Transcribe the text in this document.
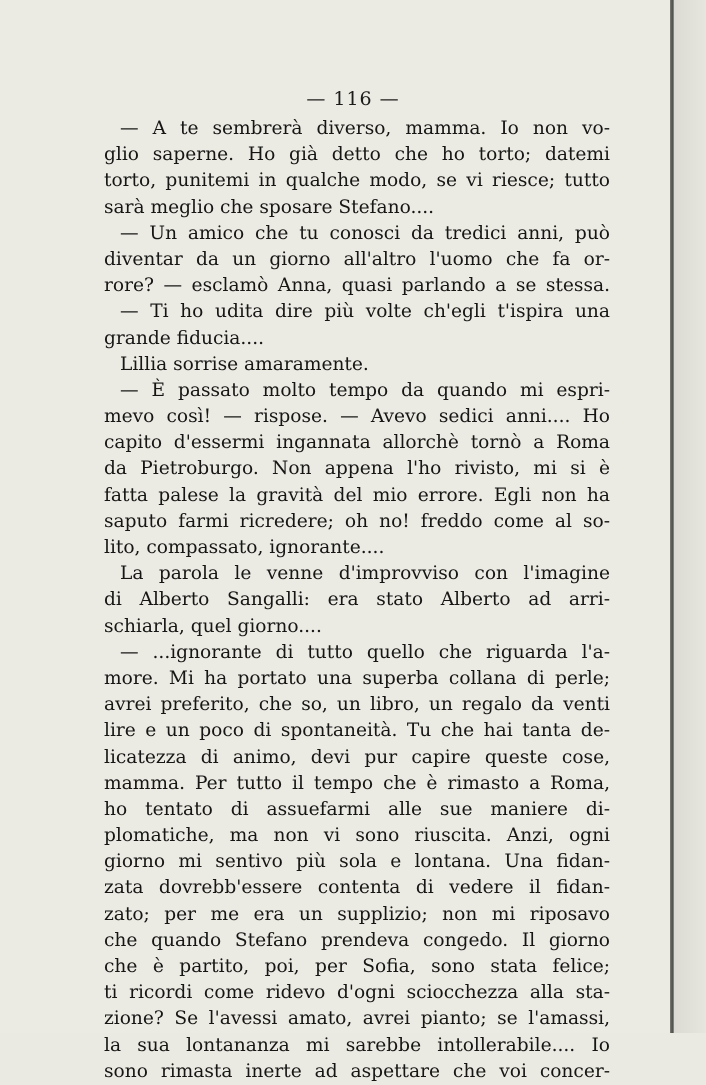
— 116 —
— A te sembrerà diverso, mamma. Io non vo-
glio saperne. Ho già detto che ho torto; datemi
torto, punitemi in qualche modo, se vi riesce; tutto
sarà meglio che sposare Stefano....
— Un amico che tu conosci da tredici anni, può
diventar da un giorno all'altro l'uomo che fa or-
rore? — esclamò Anna, quasi parlando a se stessa.
— Ti ho udita dire più volte ch'egli t'ispira una
grande fiducia....
Lillia sorrise amaramente.
— È passato molto tempo da quando mi espri-
mevo così! — rispose. — Avevo sedici anni.... Ho
capito d'essermi ingannata allorchè tornò a Roma
da Pietroburgo. Non appena l'ho rivisto, mi si è
fatta palese la gravità del mio errore. Egli non ha
saputo farmi ricredere; oh no! freddo come al so-
lito, compassato, ignorante....
La parola le venne d'improvviso con l'imagine
di Alberto Sangalli: era stato Alberto ad arri-
schiarla, quel giorno....
— ...ignorante di tutto quello che riguarda l'a-
more. Mi ha portato una superba collana di perle;
avrei preferito, che so, un libro, un regalo da venti
lire e un poco di spontaneità. Tu che hai tanta de-
licatezza di animo, devi pur capire queste cose,
mamma. Per tutto il tempo che è rimasto a Roma,
ho tentato di assuefarmi alle sue maniere di-
plomatiche, ma non vi sono riuscita. Anzi, ogni
giorno mi sentivo più sola e lontana. Una fidan-
zata dovrebb'essere contenta di vedere il fidan-
zato; per me era un supplizio; non mi riposavo
che quando Stefano prendeva congedo. Il giorno
che è partito, poi, per Sofia, sono stata felice;
ti ricordi come ridevo d'ogni sciocchezza alla sta-
zione? Se l'avessi amato, avrei pianto; se l'amassi,
la sua lontananza mi sarebbe intollerabile.... Io
sono rimasta inerte ad aspettare che voi concer-
